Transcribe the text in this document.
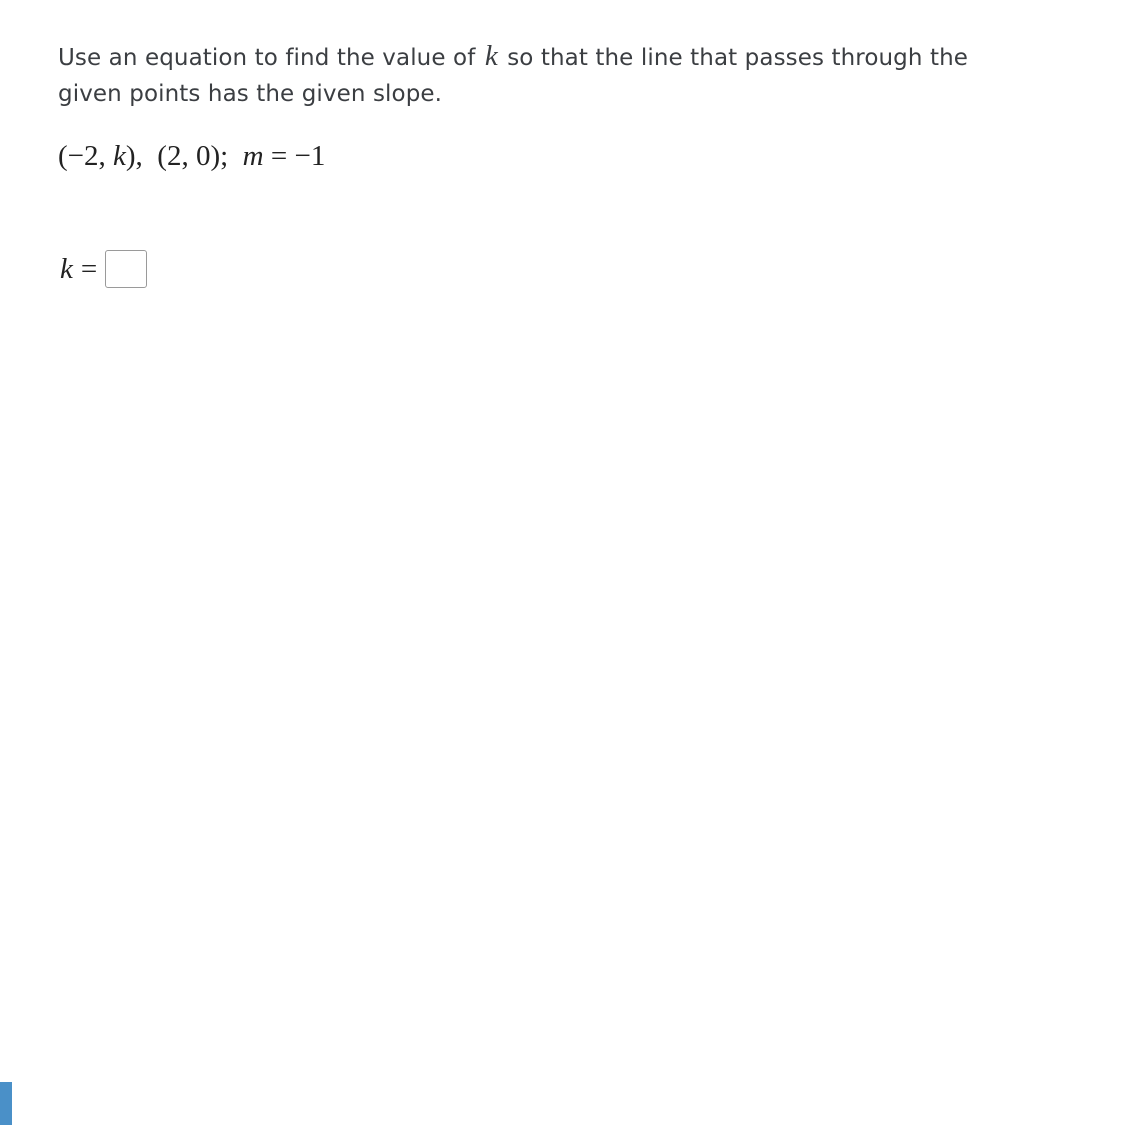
Use an equation to find the value of k so that the line that passes through the given points has the given slope.

(−2, k),  (2, 0);  m = −1
k =
